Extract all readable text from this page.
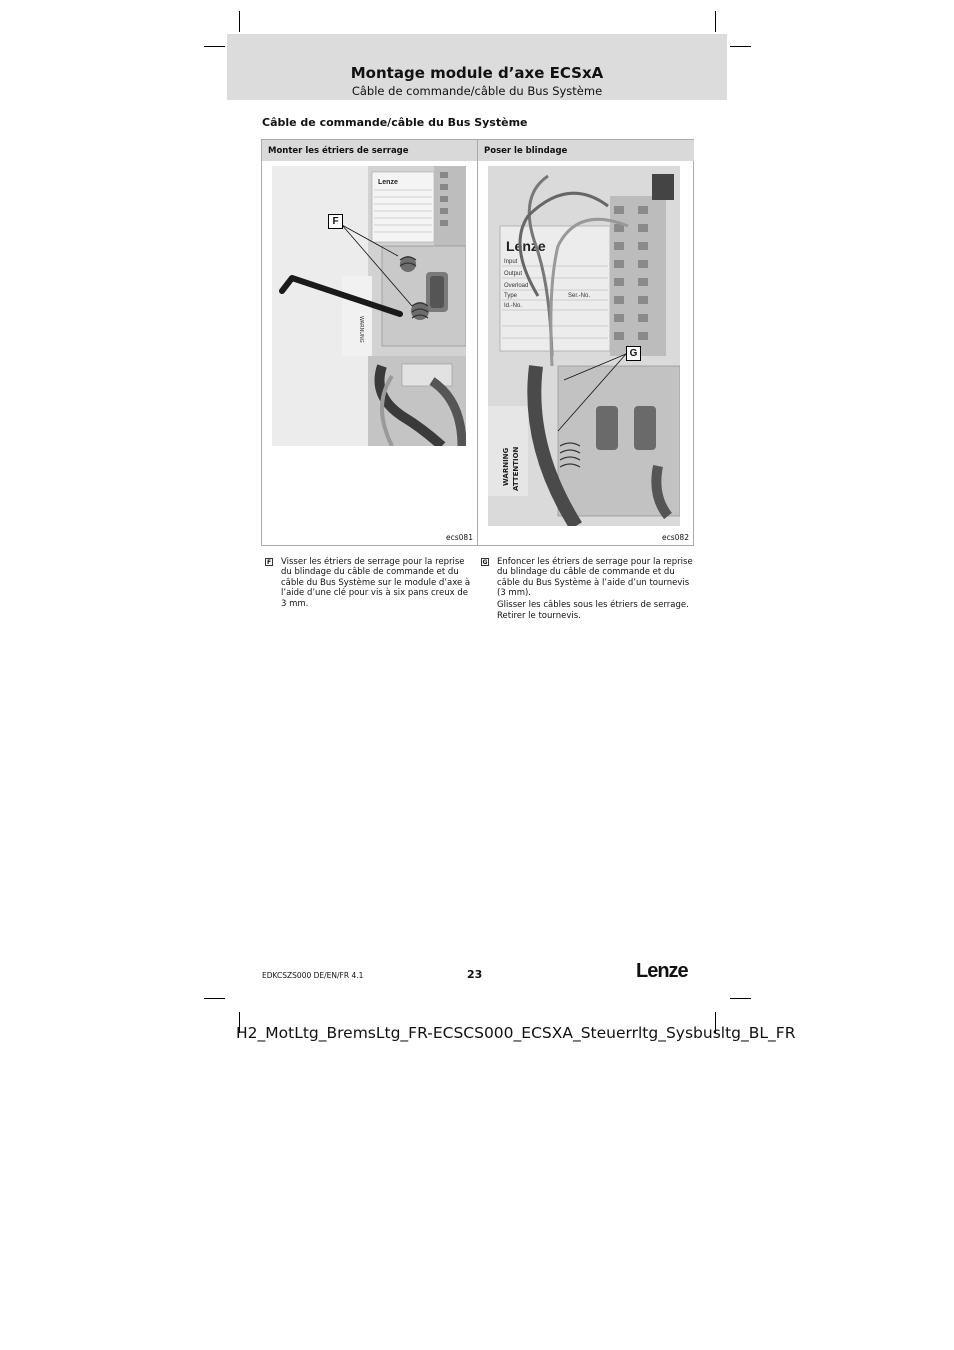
Montage module d’axe ECSxA
Câble de commande/câble du Bus Système
Câble de commande/câble du Bus Système
Monter les étriers de serrage	Poser le blindage
Lenze
WARNUNG
F
ecs081
Lenze
Input
Output
Overload
Type
Id.-No.
Ser.-No.
WARNING ATTENTION
G
ecs082
F Visser les étriers de serrage pour la reprise du blindage du câble de commande et du câble du Bus Système sur le module d’axe à l’aide d’une clé pour vis à six pans creux de 3 mm.

G Enfoncer les étriers de serrage pour la reprise du blindage du câble de commande et du câble du Bus Système à l’aide d’un tournevis (3 mm).

Glisser les câbles sous les étriers de serrage.

Retirer le tournevis.

EDKCSZS000 DE/EN/FR 4.1	23	Lenze
H2_MotLtg_BremsLtg_FR-ECSCS000_ECSXA_Steuerrltg_Sysbusltg_BL_FR
